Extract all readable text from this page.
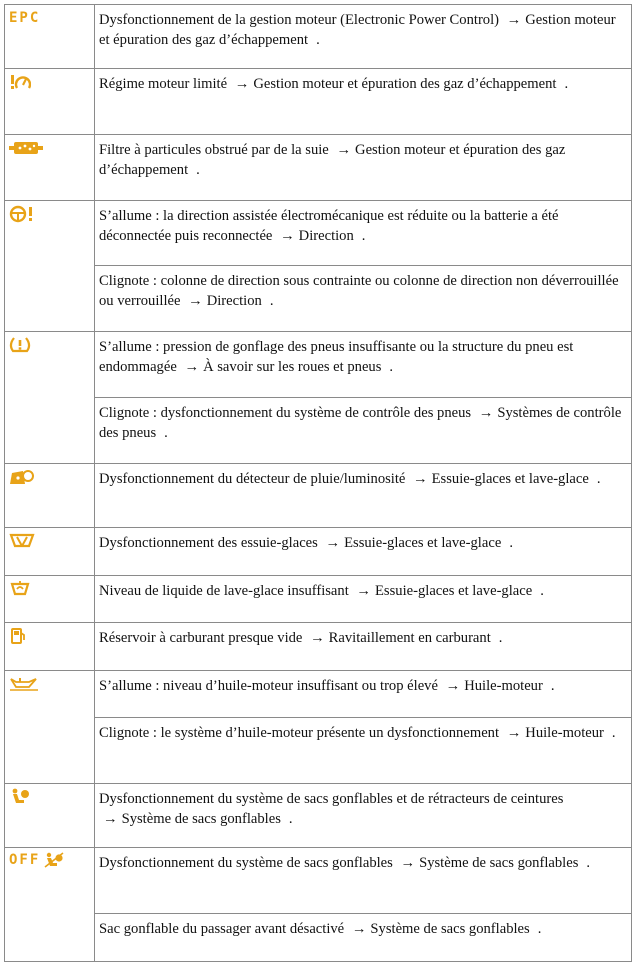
EPC	Dysfonctionnement de la gestion moteur (Electronic Power Control) → Gestion moteur et épuration des gaz d’échappement .

	Régime moteur limité → Gestion moteur et épuration des gaz d’échappement .

	Filtre à particules obstrué par de la suie → Gestion moteur et épuration des gaz d’échappement .

	S’allume : la direction assistée électromécanique est réduite ou la batterie a été déconnectée puis reconnectée → Direction .
	Clignote : colonne de direction sous contrainte ou colonne de direction non déverrouillée ou verrouillée → Direction .

	S’allume : pression de gonflage des pneus insuffisante ou la structure du pneu est endommagée → À savoir sur les roues et pneus .
	Clignote : dysfonctionnement du système de contrôle des pneus → Systèmes de contrôle des pneus .

	Dysfonctionnement du détecteur de pluie/luminosité → Essuie-glaces et lave-glace .

	Dysfonctionnement des essuie-glaces → Essuie-glaces et lave-glace .

	Niveau de liquide de lave-glace insuffisant → Essuie-glaces et lave-glace .

	Réservoir à carburant presque vide → Ravitaillement en carburant .

	S’allume : niveau d’huile-moteur insuffisant ou trop élevé → Huile-moteur .
	Clignote : le système d’huile-moteur présente un dysfonctionnement → Huile-moteur .

	Dysfonctionnement du système de sacs gonflables et de rétracteurs de ceintures → Système de sacs gonflables .

OFF	Dysfonctionnement du système de sacs gonflables → Système de sacs gonflables .
	Sac gonflable du passager avant désactivé → Système de sacs gonflables .
